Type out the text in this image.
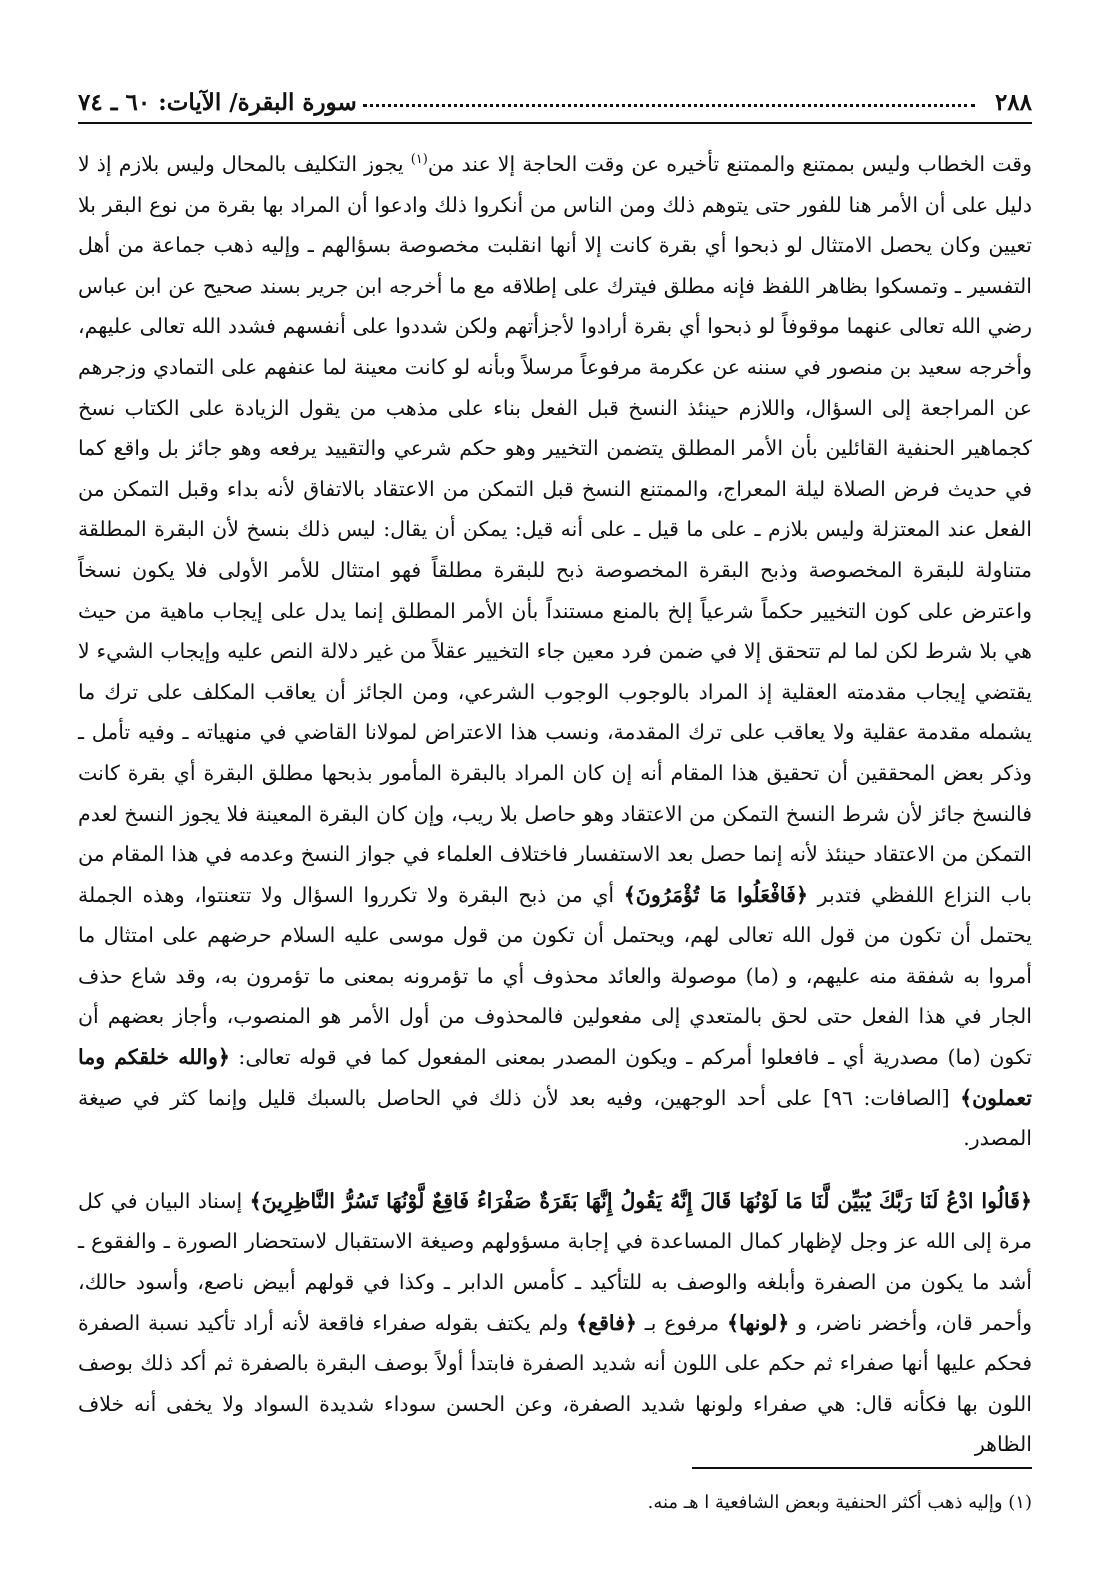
٢٨٨
سورة البقرة/ الآيات: ٦٠ ـ ٧٤

وقت الخطاب وليس بممتنع والممتنع تأخيره عن وقت الحاجة إلا عند من$^{(١)}$ يجوز التكليف بالمحال وليس بلازم إذ لا دليل على أن الأمر هنا للفور حتى يتوهم ذلك ومن الناس من أنكروا ذلك وادعوا أن المراد بها بقرة من نوع البقر بلا تعيين وكان يحصل الامتثال لو ذبحوا أي بقرة كانت إلا أنها انقلبت مخصوصة بسؤالهم ـ وإليه ذهب جماعة من أهل التفسير ـ وتمسكوا بظاهر اللفظ فإنه مطلق فيترك على إطلاقه مع ما أخرجه ابن جرير بسند صحيح عن ابن عباس رضي الله تعالى عنهما موقوفاً لو ذبحوا أي بقرة أرادوا لأجزأتهم ولكن شددوا على أنفسهم فشدد الله تعالى عليهم، وأخرجه سعيد بن منصور في سننه عن عكرمة مرفوعاً مرسلاً وبأنه لو كانت معينة لما عنفهم على التمادي وزجرهم عن المراجعة إلى السؤال، واللازم حينئذ النسخ قبل الفعل بناء على مذهب من يقول الزيادة على الكتاب نسخ كجماهير الحنفية القائلين بأن الأمر المطلق يتضمن التخيير وهو حكم شرعي والتقييد يرفعه وهو جائز بل واقع كما في حديث فرض الصلاة ليلة المعراج، والممتنع النسخ قبل التمكن من الاعتقاد بالاتفاق لأنه بداء وقبل التمكن من الفعل عند المعتزلة وليس بلازم ـ على ما قيل ـ على أنه قيل: يمكن أن يقال: ليس ذلك بنسخ لأن البقرة المطلقة متناولة للبقرة المخصوصة وذبح البقرة المخصوصة ذبح للبقرة مطلقاً فهو امتثال للأمر الأولى فلا يكون نسخاً واعترض على كون التخيير حكماً شرعياً إلخ بالمنع مستنداً بأن الأمر المطلق إنما يدل على إيجاب ماهية من حيث هي بلا شرط لكن لما لم تتحقق إلا في ضمن فرد معين جاء التخيير عقلاً من غير دلالة النص عليه وإيجاب الشيء لا يقتضي إيجاب مقدمته العقلية إذ المراد بالوجوب الوجوب الشرعي، ومن الجائز أن يعاقب المكلف على ترك ما يشمله مقدمة عقلية ولا يعاقب على ترك المقدمة، ونسب هذا الاعتراض لمولانا القاضي في منهياته ـ وفيه تأمل ـ وذكر بعض المحققين أن تحقيق هذا المقام أنه إن كان المراد بالبقرة المأمور بذبحها مطلق البقرة أي بقرة كانت فالنسخ جائز لأن شرط النسخ التمكن من الاعتقاد وهو حاصل بلا ريب، وإن كان البقرة المعينة فلا يجوز النسخ لعدم التمكن من الاعتقاد حينئذ لأنه إنما حصل بعد الاستفسار فاختلاف العلماء في جواز النسخ وعدمه في هذا المقام من باب النزاع اللفظي فتدبر ﴿فَافْعَلُوا مَا تُؤْمَرُونَ﴾ أي من ذبح البقرة ولا تكرروا السؤال ولا تتعنتوا، وهذه الجملة يحتمل أن تكون من قول الله تعالى لهم، ويحتمل أن تكون من قول موسى عليه السلام حرضهم على امتثال ما أمروا به شفقة منه عليهم، و (ما) موصولة والعائد محذوف أي ما تؤمرونه بمعنى ما تؤمرون به، وقد شاع حذف الجار في هذا الفعل حتى لحق بالمتعدي إلى مفعولين فالمحذوف من أول الأمر هو المنصوب، وأجاز بعضهم أن تكون (ما) مصدرية أي ـ فافعلوا أمركم ـ ويكون المصدر بمعنى المفعول كما في قوله تعالى: ﴿والله خلقكم وما تعملون﴾ [الصافات: ٩٦] على أحد الوجهين، وفيه بعد لأن ذلك في الحاصل بالسبك قليل وإنما كثر في صيغة المصدر.

﴿قَالُوا ادْعُ لَنَا رَبَّكَ يُبَيِّن لَّنَا مَا لَوْنُهَا قَالَ إِنَّهُ يَقُولُ إِنَّهَا بَقَرَةٌ صَفْرَاءُ فَاقِعٌ لَّوْنُهَا تَسُرُّ النَّاظِرِينَ﴾ إسناد البيان في كل مرة إلى الله عز وجل لإظهار كمال المساعدة في إجابة مسؤولهم وصيغة الاستقبال لاستحضار الصورة ـ والفقوع ـ أشد ما يكون من الصفرة وأبلغه والوصف به للتأكيد ـ كأمس الدابر ـ وكذا في قولهم أبيض ناصع، وأسود حالك، وأحمر قان، وأخضر ناضر، و ﴿لونها﴾ مرفوع بـ ﴿فاقع﴾ ولم يكتف بقوله صفراء فاقعة لأنه أراد تأكيد نسبة الصفرة فحكم عليها أنها صفراء ثم حكم على اللون أنه شديد الصفرة فابتدأ أولاً بوصف البقرة بالصفرة ثم أكد ذلك بوصف اللون بها فكأنه قال: هي صفراء ولونها شديد الصفرة، وعن الحسن سوداء شديدة السواد ولا يخفى أنه خلاف الظاهر

(١) وإليه ذهب أكثر الحنفية وبعض الشافعية ا هـ منه.
